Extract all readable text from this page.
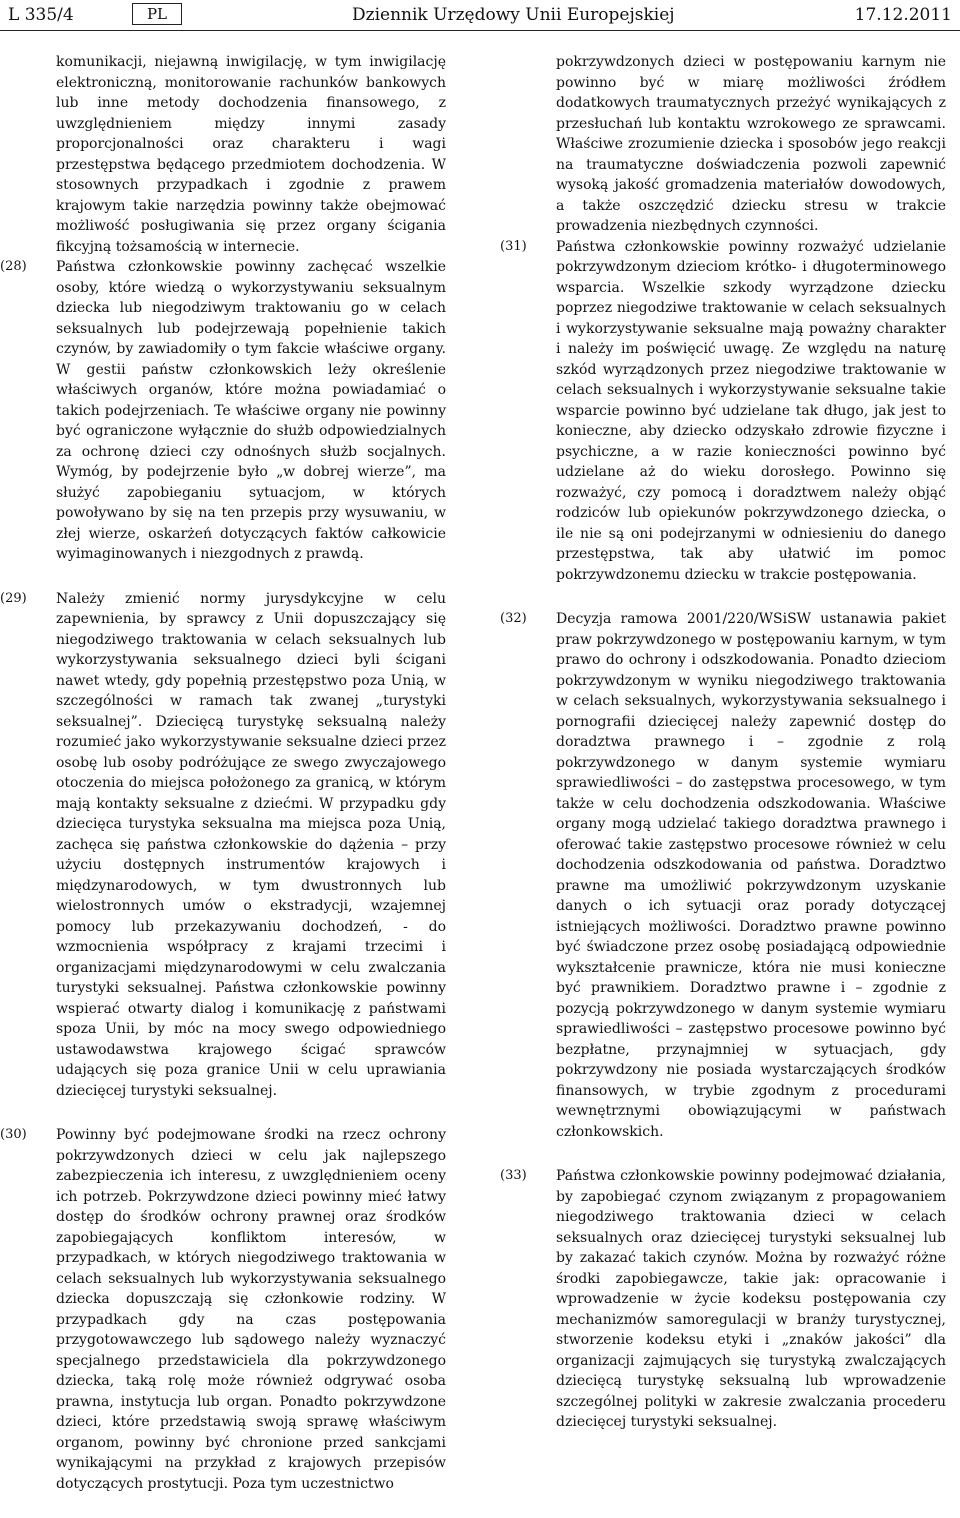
L 335/4	PL	Dziennik Urzędowy Unii Europejskiej	17.12.2011

komunikacji, niejawną inwigilację, w tym inwigilację elektroniczną, monitorowanie rachunków bankowych lub inne metody dochodzenia finansowego, z uwzględnieniem między innymi zasady proporcjonalności oraz charakteru i wagi przestępstwa będącego przedmiotem dochodzenia. W stosownych przypadkach i zgodnie z prawem krajowym takie narzędzia powinny także obejmować możliwość posługiwania się przez organy ścigania fikcyjną tożsamością w internecie.

(28)	Państwa członkowskie powinny zachęcać wszelkie osoby, które wiedzą o wykorzystywaniu seksualnym dziecka lub niegodziwym traktowaniu go w celach seksualnych lub podejrzewają popełnienie takich czynów, by zawiadomiły o tym fakcie właściwe organy. W gestii państw członkowskich leży określenie właściwych organów, które można powiadamiać o takich podejrzeniach. Te właściwe organy nie powinny być ograniczone wyłącznie do służb odpowiedzialnych za ochronę dzieci czy odnośnych służb socjalnych. Wymóg, by podejrzenie było „w dobrej wierze”, ma służyć zapobieganiu sytuacjom, w których powoływano by się na ten przepis przy wysuwaniu, w złej wierze, oskarżeń dotyczących faktów całkowicie wyimaginowanych i niezgodnych z prawdą.

(29)	Należy zmienić normy jurysdykcyjne w celu zapewnienia, by sprawcy z Unii dopuszczający się niegodziwego traktowania w celach seksualnych lub wykorzystywania seksualnego dzieci byli ścigani nawet wtedy, gdy popełnią przestępstwo poza Unią, w szczególności w ramach tak zwanej „turystyki seksualnej”. Dziecięcą turystykę seksualną należy rozumieć jako wykorzystywanie seksualne dzieci przez osobę lub osoby podróżujące ze swego zwyczajowego otoczenia do miejsca położonego za granicą, w którym mają kontakty seksualne z dziećmi. W przypadku gdy dziecięca turystyka seksualna ma miejsca poza Unią, zachęca się państwa członkowskie do dążenia – przy użyciu dostępnych instrumentów krajowych i międzynarodowych, w tym dwustronnych lub wielostronnych umów o ekstradycji, wzajemnej pomocy lub przekazywaniu dochodzeń, - do wzmocnienia współpracy z krajami trzecimi i organizacjami międzynarodowymi w celu zwalczania turystyki seksualnej. Państwa członkowskie powinny wspierać otwarty dialog i komunikację z państwami spoza Unii, by móc na mocy swego odpowiedniego ustawodawstwa krajowego ścigać sprawców udających się poza granice Unii w celu uprawiania dziecięcej turystyki seksualnej.

(30)	Powinny być podejmowane środki na rzecz ochrony pokrzywdzonych dzieci w celu jak najlepszego zabezpieczenia ich interesu, z uwzględnieniem oceny ich potrzeb. Pokrzywdzone dzieci powinny mieć łatwy dostęp do środków ochrony prawnej oraz środków zapobiegających konfliktom interesów, w przypadkach, w których niegodziwego traktowania w celach seksualnych lub wykorzystywania seksualnego dziecka dopuszczają się członkowie rodziny. W przypadkach gdy na czas postępowania przygotowawczego lub sądowego należy wyznaczyć specjalnego przedstawiciela dla pokrzywdzonego dziecka, taką rolę może również odgrywać osoba prawna, instytucja lub organ. Ponadto pokrzywdzone dzieci, które przedstawią swoją sprawę właściwym organom, powinny być chronione przed sankcjami wynikającymi na przykład z krajowych przepisów dotyczących prostytucji. Poza tym uczestnictwo

pokrzywdzonych dzieci w postępowaniu karnym nie powinno być w miarę możliwości źródłem dodatkowych traumatycznych przeżyć wynikających z przesłuchań lub kontaktu wzrokowego ze sprawcami. Właściwe zrozumienie dziecka i sposobów jego reakcji na traumatyczne doświadczenia pozwoli zapewnić wysoką jakość gromadzenia materiałów dowodowych, a także oszczędzić dziecku stresu w trakcie prowadzenia niezbędnych czynności.

(31)	Państwa członkowskie powinny rozważyć udzielanie pokrzywdzonym dzieciom krótko- i długoterminowego wsparcia. Wszelkie szkody wyrządzone dziecku poprzez niegodziwe traktowanie w celach seksualnych i wykorzystywanie seksualne mają poważny charakter i należy im poświęcić uwagę. Ze względu na naturę szkód wyrządzonych przez niegodziwe traktowanie w celach seksualnych i wykorzystywanie seksualne takie wsparcie powinno być udzielane tak długo, jak jest to konieczne, aby dziecko odzyskało zdrowie fizyczne i psychiczne, a w razie konieczności powinno być udzielane aż do wieku dorosłego. Powinno się rozważyć, czy pomocą i doradztwem należy objąć rodziców lub opiekunów pokrzywdzonego dziecka, o ile nie są oni podejrzanymi w odniesieniu do danego przestępstwa, tak aby ułatwić im pomoc pokrzywdzonemu dziecku w trakcie postępowania.

(32)	Decyzja ramowa 2001/220/WSiSW ustanawia pakiet praw pokrzywdzonego w postępowaniu karnym, w tym prawo do ochrony i odszkodowania. Ponadto dzieciom pokrzywdzonym w wyniku niegodziwego traktowania w celach seksualnych, wykorzystywania seksualnego i pornografii dziecięcej należy zapewnić dostęp do doradztwa prawnego i – zgodnie z rolą pokrzywdzonego w danym systemie wymiaru sprawiedliwości – do zastępstwa procesowego, w tym także w celu dochodzenia odszkodowania. Właściwe organy mogą udzielać takiego doradztwa prawnego i oferować takie zastępstwo procesowe również w celu dochodzenia odszkodowania od państwa. Doradztwo prawne ma umożliwić pokrzywdzonym uzyskanie danych o ich sytuacji oraz porady dotyczącej istniejących możliwości. Doradztwo prawne powinno być świadczone przez osobę posiadającą odpowiednie wykształcenie prawnicze, która nie musi konieczne być prawnikiem. Doradztwo prawne i – zgodnie z pozycją pokrzywdzonego w danym systemie wymiaru sprawiedliwości – zastępstwo procesowe powinno być bezpłatne, przynajmniej w sytuacjach, gdy pokrzywdzony nie posiada wystarczających środków finansowych, w trybie zgodnym z procedurami wewnętrznymi obowiązującymi w państwach członkowskich.

(33)	Państwa członkowskie powinny podejmować działania, by zapobiegać czynom związanym z propagowaniem niegodziwego traktowania dzieci w celach seksualnych oraz dziecięcej turystyki seksualnej lub by zakazać takich czynów. Można by rozważyć różne środki zapobiegawcze, takie jak: opracowanie i wprowadzenie w życie kodeksu postępowania czy mechanizmów samoregulacji w branży turystycznej, stworzenie kodeksu etyki i „znaków jakości” dla organizacji zajmujących się turystyką zwalczających dziecięcą turystykę seksualną lub wprowadzenie szczególnej polityki w zakresie zwalczania procederu dziecięcej turystyki seksualnej.
